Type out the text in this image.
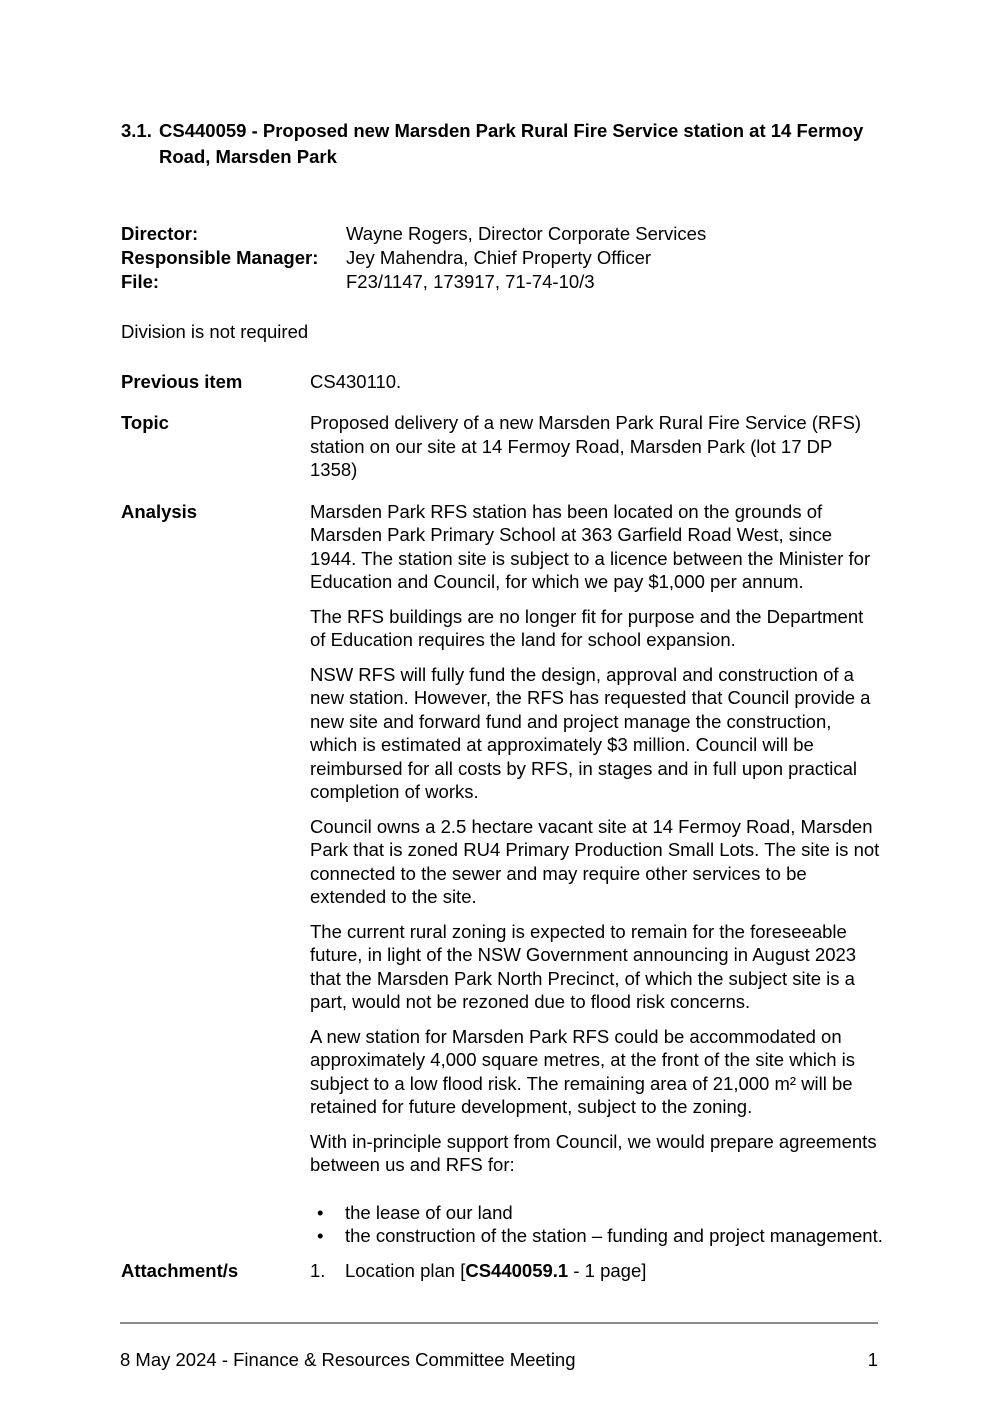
3.1. CS440059 - Proposed new Marsden Park Rural Fire Service station at 14 Fermoy Road, Marsden Park
Director:	Wayne Rogers, Director Corporate Services
Responsible Manager:	Jey Mahendra, Chief Property Officer
File:	F23/1147, 173917, 71-74-10/3

Division is not required

Previous item	CS430110.
Topic	Proposed delivery of a new Marsden Park Rural Fire Service (RFS) station on our site at 14 Fermoy Road, Marsden Park (lot 17 DP 1358)
Analysis	Marsden Park RFS station has been located on the grounds of Marsden Park Primary School at 363 Garfield Road West, since 1944. The station site is subject to a licence between the Minister for Education and Council, for which we pay $1,000 per annum.

The RFS buildings are no longer fit for purpose and the Department of Education requires the land for school expansion.

NSW RFS will fully fund the design, approval and construction of a new station. However, the RFS has requested that Council provide a new site and forward fund and project manage the construction, which is estimated at approximately $3 million. Council will be reimbursed for all costs by RFS, in stages and in full upon practical completion of works.

Council owns a 2.5 hectare vacant site at 14 Fermoy Road, Marsden Park that is zoned RU4 Primary Production Small Lots. The site is not connected to the sewer and may require other services to be extended to the site.

The current rural zoning is expected to remain for the foreseeable future, in light of the NSW Government announcing in August 2023 that the Marsden Park North Precinct, of which the subject site is a part, would not be rezoned due to flood risk concerns.

A new station for Marsden Park RFS could be accommodated on approximately 4,000 square metres, at the front of the site which is subject to a low flood risk. The remaining area of 21,000 m² will be retained for future development, subject to the zoning.

With in-principle support from Council, we would prepare agreements between us and RFS for:

• the lease of our land
• the construction of the station – funding and project management.
Attachment/s	1.	Location plan [CS440059.1 - 1 page]
8 May 2024 - Finance & Resources Committee Meeting	1
